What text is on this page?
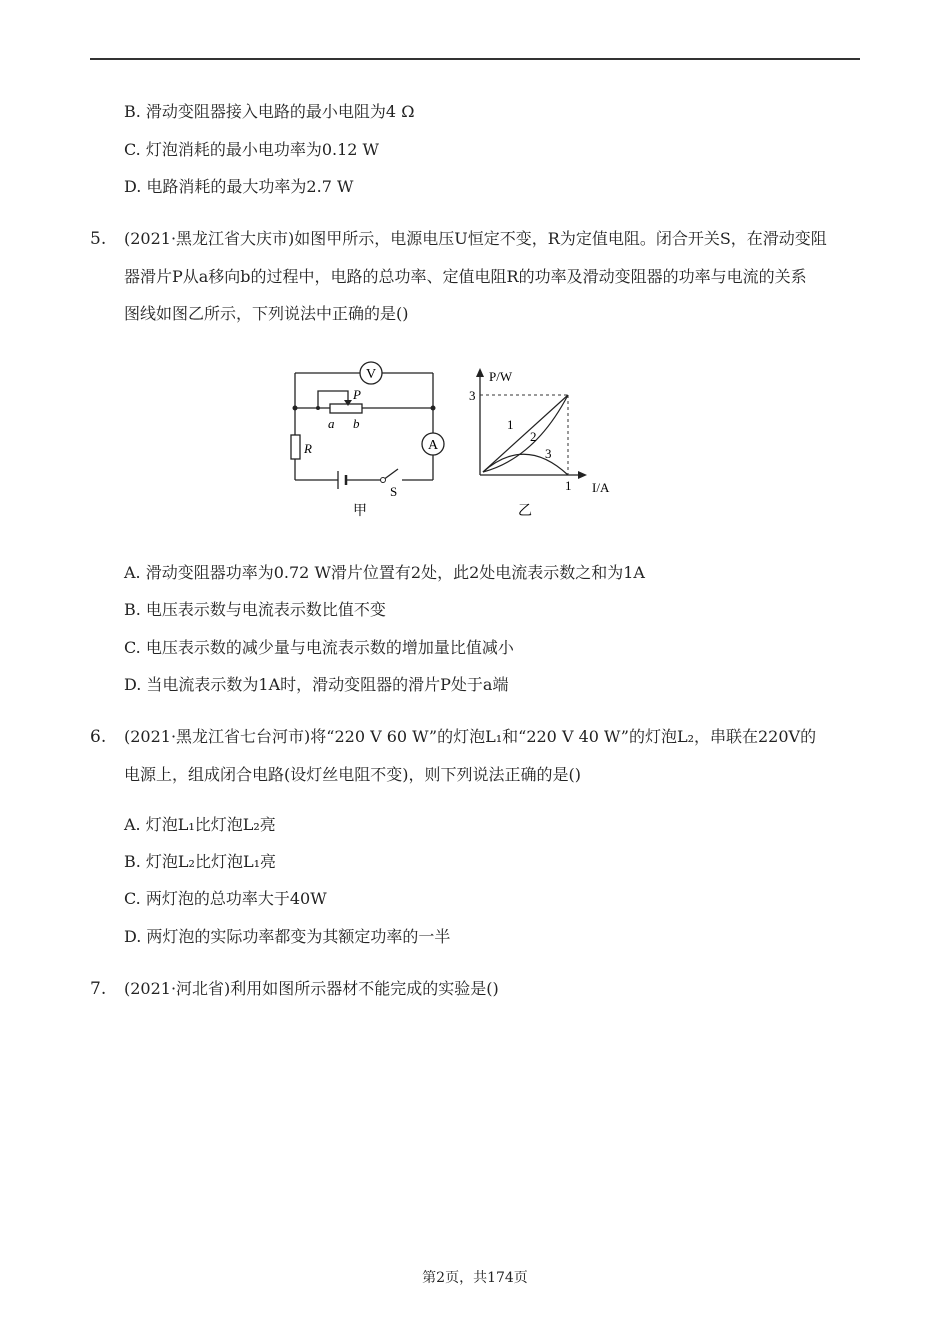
B. 滑动变阻器接入电路的最小电阻为4 Ω
C. 灯泡消耗的最小电功率为0.12 W
D. 电路消耗的最大功率为2.7 W
5. (2021·黑龙江省大庆市)如图甲所示，电源电压U恒定不变，R为定值电阻。闭合开关S，在滑动变阻
器滑片P从a移向b的过程中，电路的总功率、定值电阻R的功率及滑动变阻器的功率与电流的关系
图线如图乙所示，下列说法中正确的是()
V
A
P
a b
R
S
甲
P/W
3
1 I/A
1
2
3
乙
A. 滑动变阻器功率为0.72 W滑片位置有2处，此2处电流表示数之和为1A
B. 电压表示数与电流表示数比值不变
C. 电压表示数的减少量与电流表示数的增加量比值减小
D. 当电流表示数为1A时，滑动变阻器的滑片P处于a端
6. (2021·黑龙江省七台河市)将“220 V 60 W”的灯泡L₁和“220 V 40 W”的灯泡L₂，串联在220V的
电源上，组成闭合电路(设灯丝电阻不变)，则下列说法正确的是()
A. 灯泡L₁比灯泡L₂亮
B. 灯泡L₂比灯泡L₁亮
C. 两灯泡的总功率大于40W
D. 两灯泡的实际功率都变为其额定功率的一半
7. (2021·河北省)利用如图所示器材不能完成的实验是()
第2页，共174页
